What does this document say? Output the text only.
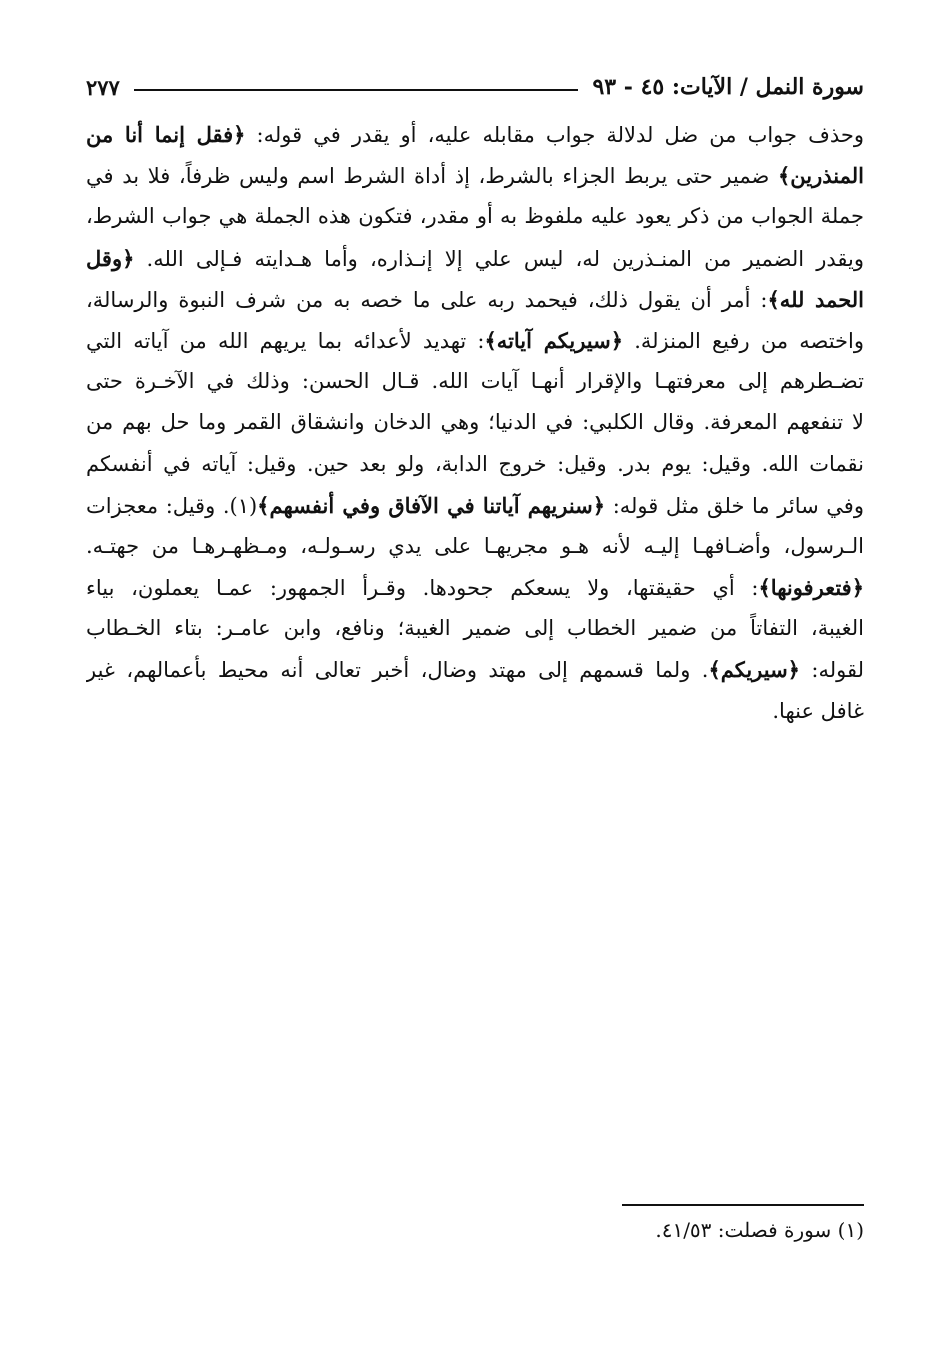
سورة النمل / الآيات: ٤٥ - ٩٣
٢٧٧
وحذف جواب من ضل لدلالة جواب مقابله عليه، أو يقدر في قوله: ﴿فقل إنما أنا من
المنذرين﴾ ضمير حتى يربط الجزاء بالشرط، إذ أداة الشرط اسم وليس ظرفاً، فلا بد في
جملة الجواب من ذكر يعود عليه ملفوظ به أو مقدر، فتكون هذه الجملة هي جواب الشرط،
ويقدر الضمير من المنـذرين له، ليس علي إلا إنـذاره، وأما هـدايته فـإلى الله. ﴿وقل
الحمد لله﴾: أمر أن يقول ذلك، فيحمد ربه على ما خصه به من شرف النبوة والرسالة،
واختصه من رفيع المنزلة. ﴿سيريكم آياته﴾: تهديد لأعدائه بما يريهم الله من آياته التي
تضـطرهم إلى معرفتهـا والإقرار أنهـا آيات الله. قـال الحسن: وذلك في الآخـرة حتى
لا تنفعهم المعرفة. وقال الكلبي: في الدنيا؛ وهي الدخان وانشقاق القمر وما حل بهم من
نقمات الله. وقيل: يوم بدر. وقيل: خروج الدابة، ولو بعد حين. وقيل: آياته في أنفسكم
وفي سائر ما خلق مثل قوله: ﴿سنريهم آياتنا في الآفاق وفي أنفسهم﴾(١). وقيل: معجزات
الـرسول، وأضـافهـا إليـه لأنه هـو مجريهـا على يدي رسـولـه، ومـظهـرهـا من جهتـه.
﴿فتعرفونها﴾: أي حقيقتها، ولا يسعكم جحودها. وقـرأ الجمهور: عمـا يعملون، بياء
الغيبة، التفاتاً من ضمير الخطاب إلى ضمير الغيبة؛ ونافع، وابن عامـر: بتاء الخـطاب
لقوله: ﴿سيريكم﴾. ولما قسمهم إلى مهتد وضال، أخبر تعالى أنه محيط بأعمالهم، غير
غافل عنها.
(١) سورة فصلت: ٤١/٥٣.
